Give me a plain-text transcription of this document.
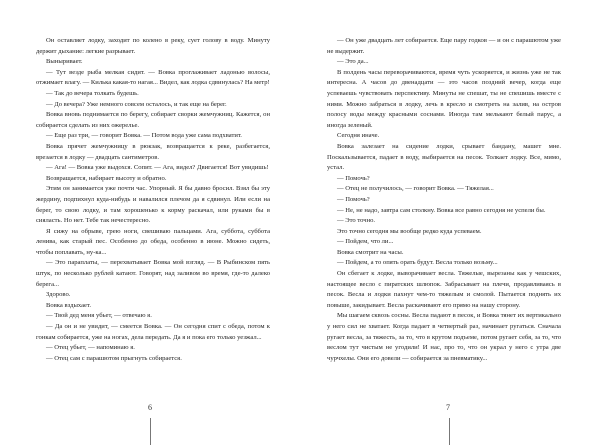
Он оставляет лодку, заходит по колено в реку, сует голову в воду. Минуту держит дыхание: легкие разрывает.

Выныривает.

— Тут везде рыба мелкая сидит. — Вовка проглаживает ладонью волосы, отжимает влагу. — Килька какая-то нагая... Видел, как лодка сдвинулась? На метр!

— Так до вечера толкать будешь.

— До вечера? Уже немного совсем осталось, и так еще на берег.

Вовка вновь поднимается по берегу, собирает сворки жемчужниц. Кажется, он собирается сделать из них ожерелье.

— Еще раз три, — говорит Вовка. — Потом вода уже сама подхватит.

Вовка прячет жемчужницу в рюкзак, возвращается к реке, разбегается, врезается в лодку — двадцать сантиметров.

— Ага! — Вовка уже выдохся. Сопит. — Ага, видел? Двигается! Вот увидишь!

Возвращается, набирает высоту и обратно.

Этим он занимается уже почти час. Упорный. Я бы давно бросил. Взял бы эту жердину, подпихнул куда-нибудь и навалился плечом да я сдвинул. Или если на берег, то свою лодку, и там хорошенько к корму раскачал, или руками бы в сияласть. Но нет. Тебе так нечестересно.

Я сижу на обрыве, грею ноги, свешиваю пальцами. Ага, суббота, суббота ленива, как старый пес. Особенно до обеда, особенно в июне. Можно сидеть, чтобы поплавать, ну-ка...

— Это параплаты, — перехватывает Вовка мой взгляд. — В Рыбинском пять штук, по несколько рублей катают. Говорят, над заливом во время, где-то далеко берега...

Здорово.

Вовка вздыхает.

— Твой дед меня убьет, — отвечаю я.

— Да он и не увидит, — смеется Вовка. — Он сегодня спит с обеда, потом к гонкам собирается, уже на ногах, дела передать. Да я и пока его только уезжал...

— Отец убьет, — напоминаю я.

— Отец сам с парашютом прыгнуть собирается.

— Он уже двадцать лет собирается. Еще пару годков — и он с парашютом уже не выдержит.

— Это да...

В полдень часы переворачиваются, время чуть ускоряется, и жизнь уже не так интересна. А часов до двенадцати — это часов поздний вечер, когда еще успеваешь чувствовать перспективу. Минуты не спешат, ты не спешишь вместе с ними. Можно забраться в лодку, лечь в кресло и смотреть на залив, на остров полосу воды между красными соснами. Иногда там мелькают белый парус, а иногда зеленый.

Сегодня иначе.

Вовка залезает на сидение лодки, срывает бандану, машет мне. Поскальзывается, падает в воду, выбирается на песок. Толкает лодку. Все, мимо, устал.

— Помочь?

— Отец не получилось, — говорит Вовка. — Тяжелая...

— Помочь?

— Не, не надо, завтра сам столкну. Вовка все равно сегодня не успели бы.

— Это точно.

Это точно сегодня мы вообще редко куда успеваем.

— Пойдем, что ли...

Вовка смотрит на часы.

— Пойдем, а то опять орать будут. Весла только возьму...

Он сбегает к лодке, выворачивает весла. Тяжелые, вырезаны как у чешских, настоящее весло с пиратских шлюпок. Забрасывает на плечи, продавливаясь в песок. Весла и лодки пахнут чем-то тяжелым и смолой. Пытается поднять их повыше, закидывает. Весла раскачивают его прямо на нашу сторону.

Мы шагаем сквозь сосны. Весла падают в песок, и Вовка тянет их вертикально у него сил не хватает. Когда падает в четвертый раз, начинает ругаться. Сначала ругает весла, за тяжесть, за то, что в крутом подъеме, потом ругает себя, за то, что веслом тут чистым не угодили! И нас, про то, что он украл у него с утра две чурчхелы. Они его довели — собирается за пневматику...

6	7
